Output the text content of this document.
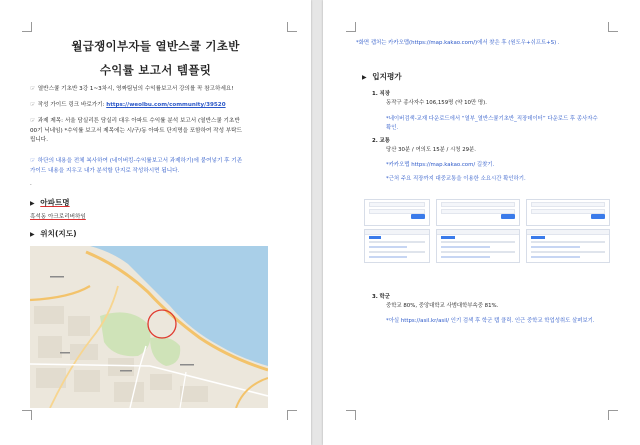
월급쟁이부자들 열반스쿨 기초반
수익률 보고서 템플릿
☞ 열반스쿨 기초반 3강 1~3차시, 영짜팀님의 수익률보고서 강의를 꼭 참고하세요!
☞ 작성 가이드 링크 바로가기: https://weolbu.com/community/39520
☞ 과제 제목: 서울 담실리튼 담실리 대우 아파트 수익률 분석 보고서 (열반스쿨 기초반
00기 닉네임) *수익률 보고서 제목에는 시/구/동 아파트 단지명을 포함하여 작성 부탁드
립니다.
☞ 하단의 내용을 전체 복사하여 (네이버킹-수익률보고서 과제하기)에 붙여넣기 후 기존
가이드 내용을 지우고 내가 분석할 단지로 작성하시면 됩니다.
.
▶ 아파트명
흑석동 아크로리버하임
▶ 위치(지도)
*화면 캡처는 카카오맵(https://map.kakao.com/)에서 찾은 후 (원도우+쉬프트+S) .
▶ 입지평가
1. 직장
동작구 종사자수 106,159명 (약 10만 명).
*네이버검색-교재 다운로드에서 “열부_열반스쿨기초반_직장데이터” 다운로드 후 종사자수
확인.
2. 교통
당산 30분 / 여의도 15분 / 시청 29분.
*카카오맵 https://map.kakao.com/ 길찾기.
*근처 주요 직장까지 대중교통을 이용한 소요시간 확인하기.
3. 학군
중학교 80%, 중앙대학교 사범대학부속중 81%.
*아실 https://asil.kr/asil/ 인기 검색 후 학군 탭 클릭. 인근 중학교 학업성취도 살펴보기.
